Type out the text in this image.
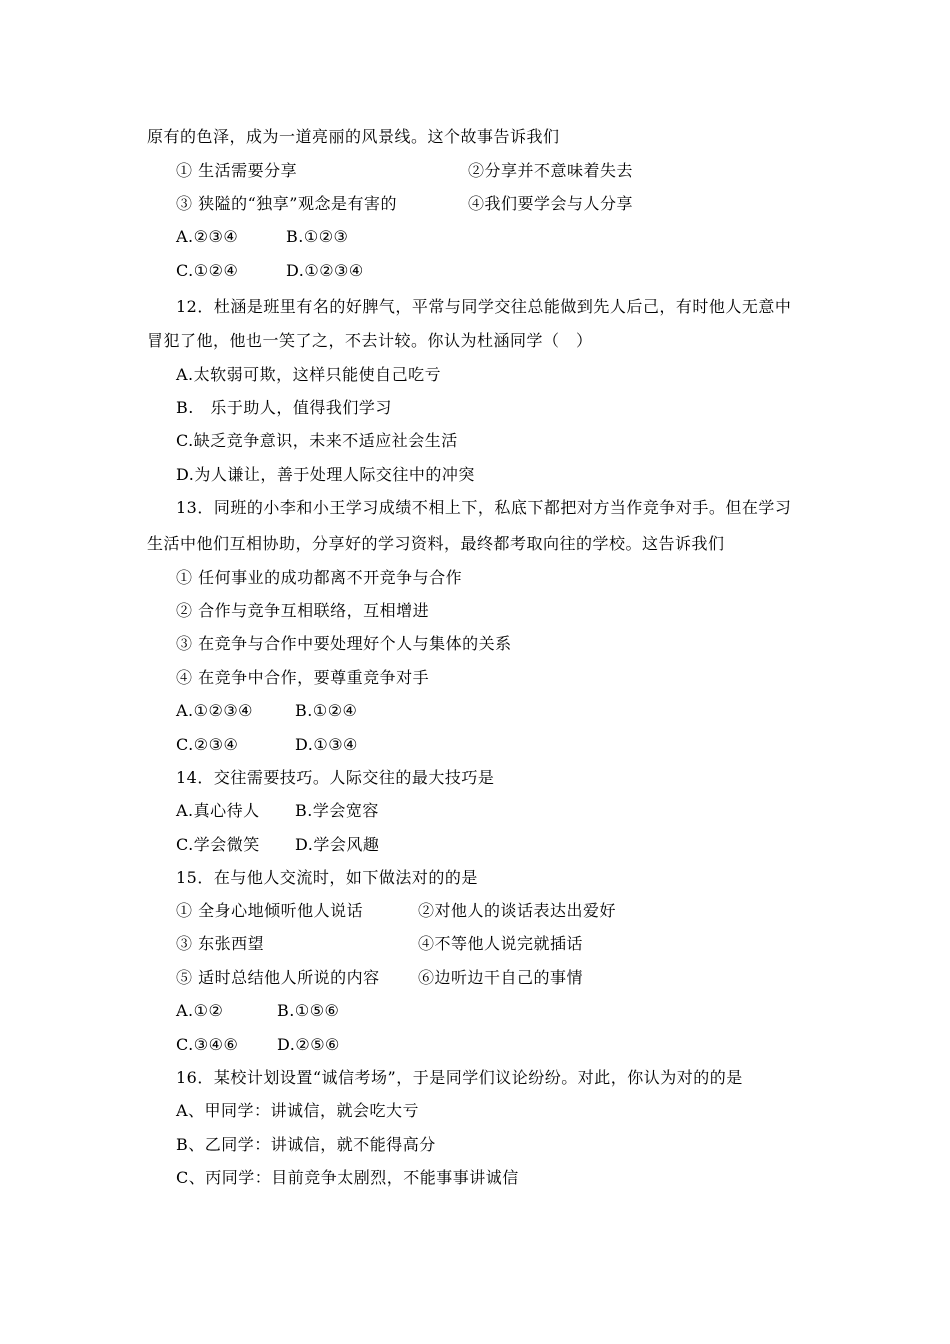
原有的色泽，成为一道亮丽的风景线。这个故事告诉我们
① 生活需要分享	②分享并不意味着失去
③ 狭隘的“独享”观念是有害的	④我们要学会与人分享
A.②③④	B.①②③
C.①②④	D.①②③④
12．杜涵是班里有名的好脾气，平常与同学交往总能做到先人后己，有时他人无意中
冒犯了他，他也一笑了之，不去计较。你认为杜涵同学（　）
A.太软弱可欺，这样只能使自己吃亏
B.　乐于助人，值得我们学习
C.缺乏竞争意识，未来不适应社会生活
D.为人谦让，善于处理人际交往中的冲突
13．同班的小李和小王学习成绩不相上下，私底下都把对方当作竞争对手。但在学习
生活中他们互相协助，分享好的学习资料，最终都考取向往的学校。这告诉我们
① 任何事业的成功都离不开竞争与合作
② 合作与竞争互相联络，互相增进
③ 在竞争与合作中要处理好个人与集体的关系
④ 在竞争中合作，要尊重竞争对手
A.①②③④	B.①②④
C.②③④	D.①③④
14．交往需要技巧。人际交往的最大技巧是
A.真心待人 B.学会宽容
C.学会微笑 D.学会风趣
15．在与他人交流时，如下做法对的的是
① 全身心地倾听他人说话	②对他人的谈话表达出爱好
③ 东张西望	④不等他人说完就插话
⑤ 适时总结他人所说的内容 ⑥边听边干自己的事情
A.①②	B.①⑤⑥
C.③④⑥ D.②⑤⑥
16．某校计划设置“诚信考场”，于是同学们议论纷纷。对此，你认为对的的是
A、甲同学：讲诚信，就会吃大亏
B、乙同学：讲诚信，就不能得高分
C、丙同学：目前竞争太剧烈，不能事事讲诚信
